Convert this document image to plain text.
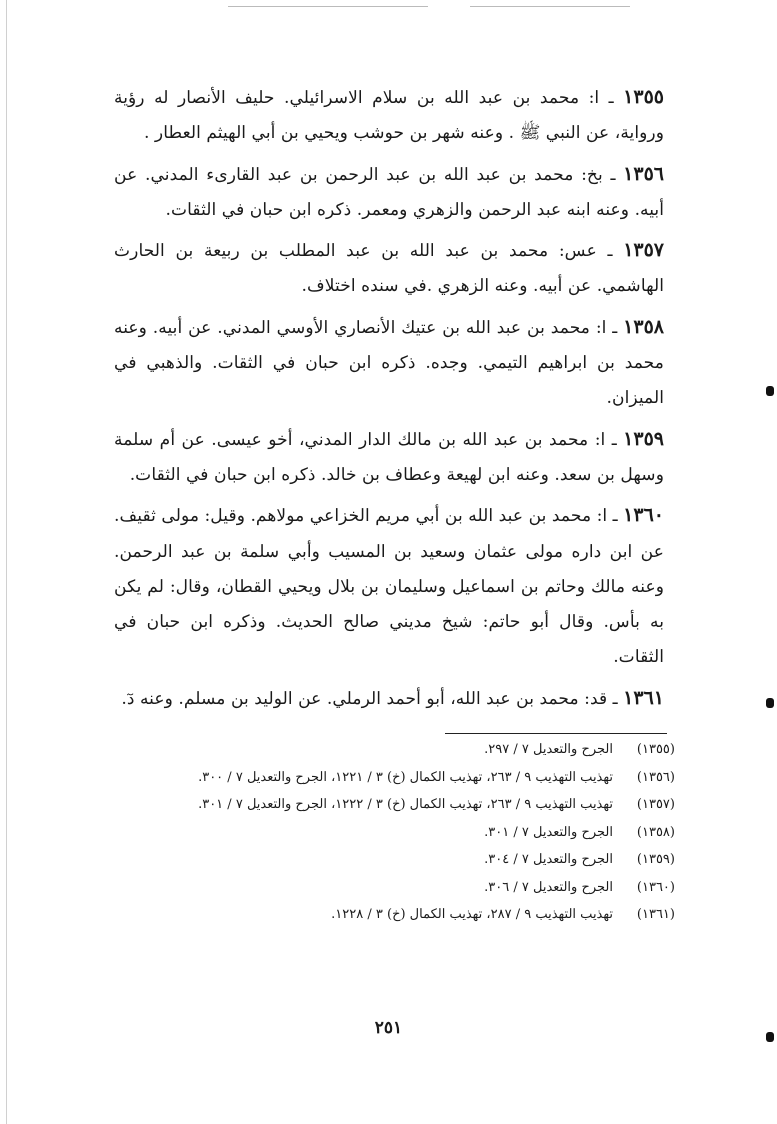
١٣٥٥ ـ ا: محمد بن عبد الله بن سلام الاسرائيلي. حليف الأنصار له رؤية ورواية، عن النبي ﷺ . وعنه شهر بن حوشب ويحيي بن أبي الهيثم العطار .

١٣٥٦ ـ بخ: محمد بن عبد الله بن عبد الرحمن بن عبد القارىء المدني. عن أبيه. وعنه ابنه عبد الرحمن والزهري ومعمر. ذكره ابن حبان في الثقات.

١٣٥٧ ـ عس: محمد بن عبد الله بن عبد المطلب بن ربيعة بن الحارث الهاشمي. عن أبيه. وعنه الزهري .في سنده اختلاف.

١٣٥٨ ـ ا: محمد بن عبد الله بن عتيك الأنصاري الأوسي المدني. عن أبيه. وعنه محمد بن ابراهيم التيمي. وجده. ذكره ابن حبان في الثقات. والذهبي في الميزان.

١٣٥٩ ـ ا: محمد بن عبد الله بن مالك الدار المدني، أخو عيسى. عن أم سلمة وسهل بن سعد. وعنه ابن لهيعة وعطاف بن خالد. ذكره ابن حبان في الثقات.

١٣٦٠ ـ ا: محمد بن عبد الله بن أبي مريم الخزاعي مولاهم. وقيل: مولى ثقيف. عن ابن داره مولى عثمان وسعيد بن المسيب وأبي سلمة بن عبد الرحمن. وعنه مالك وحاتم بن اسماعيل وسليمان بن بلال ويحيي القطان، وقال: لم يكن به بأس. وقال أبو حاتم: شيخ مديني صالح الحديث. وذكره ابن حبان في الثقات.

١٣٦١ ـ قد: محمد بن عبد الله، أبو أحمد الرملي. عن الوليد بن مسلم. وعنه دٓ.

(١٣٥٥)
الجرح والتعديل ٧ / ٢٩٧.
(١٣٥٦)
تهذيب التهذيب ٩ / ٢٦٣، تهذيب الكمال (خ) ٣ / ١٢٢١، الجرح والتعديل ٧ / ٣٠٠.
(١٣٥٧)
تهذيب التهذيب ٩ / ٢٦٣، تهذيب الكمال (خ) ٣ / ١٢٢٢، الجرح والتعديل ٧ / ٣٠١.
(١٣٥٨)
الجرح والتعديل ٧ / ٣٠١.
(١٣٥٩)
الجرح والتعديل ٧ / ٣٠٤.
(١٣٦٠)
الجرح والتعديل ٧ / ٣٠٦.
(١٣٦١)
تهذيب التهذيب ٩ / ٢٨٧، تهذيب الكمال (خ) ٣ / ١٢٢٨.
٢٥١
